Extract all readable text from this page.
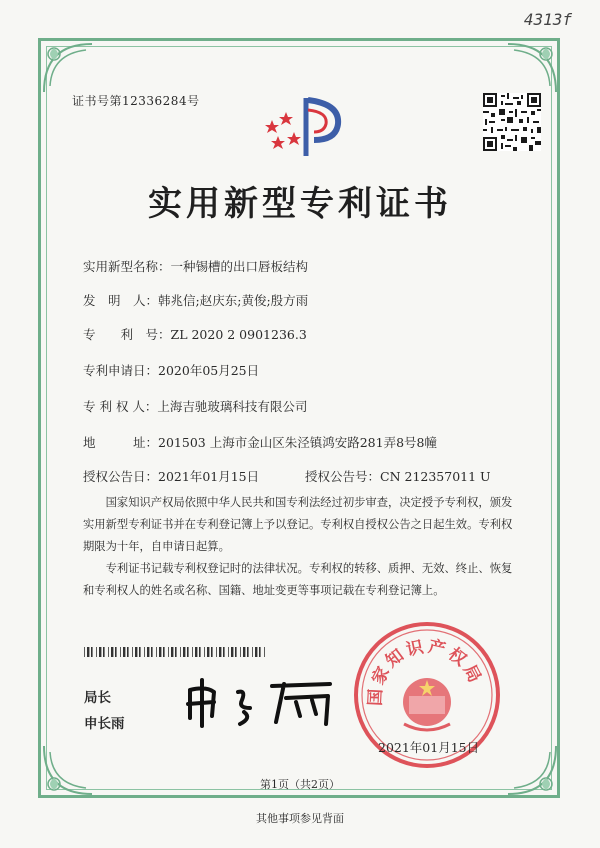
4313f
证书号第12336284号
实用新型专利证书
实用新型名称：一种锡槽的出口唇板结构
发　明　人：韩兆信;赵庆东;黄俊;殷方雨
专　　利　号：ZL 2020 2 0901236.3
专利申请日：2020年05月25日
专 利 权 人：上海吉驰玻璃科技有限公司
地　　　址：201503 上海市金山区朱泾镇鸿安路281弄8号8幢
授权公告日：2021年01月15日	授权公告号：CN 212357011 U
国家知识产权局依照中华人民共和国专利法经过初步审查，决定授予专利权，颁发实用新型专利证书并在专利登记簿上予以登记。专利权自授权公告之日起生效。专利权期限为十年，自申请日起算。
专利证书记载专利权登记时的法律状况。专利权的转移、质押、无效、终止、恢复和专利权人的姓名或名称、国籍、地址变更等事项记载在专利登记簿上。
局长
申长雨
国家知识产权局
2021年01月15日
第1页（共2页）
其他事项参见背面
